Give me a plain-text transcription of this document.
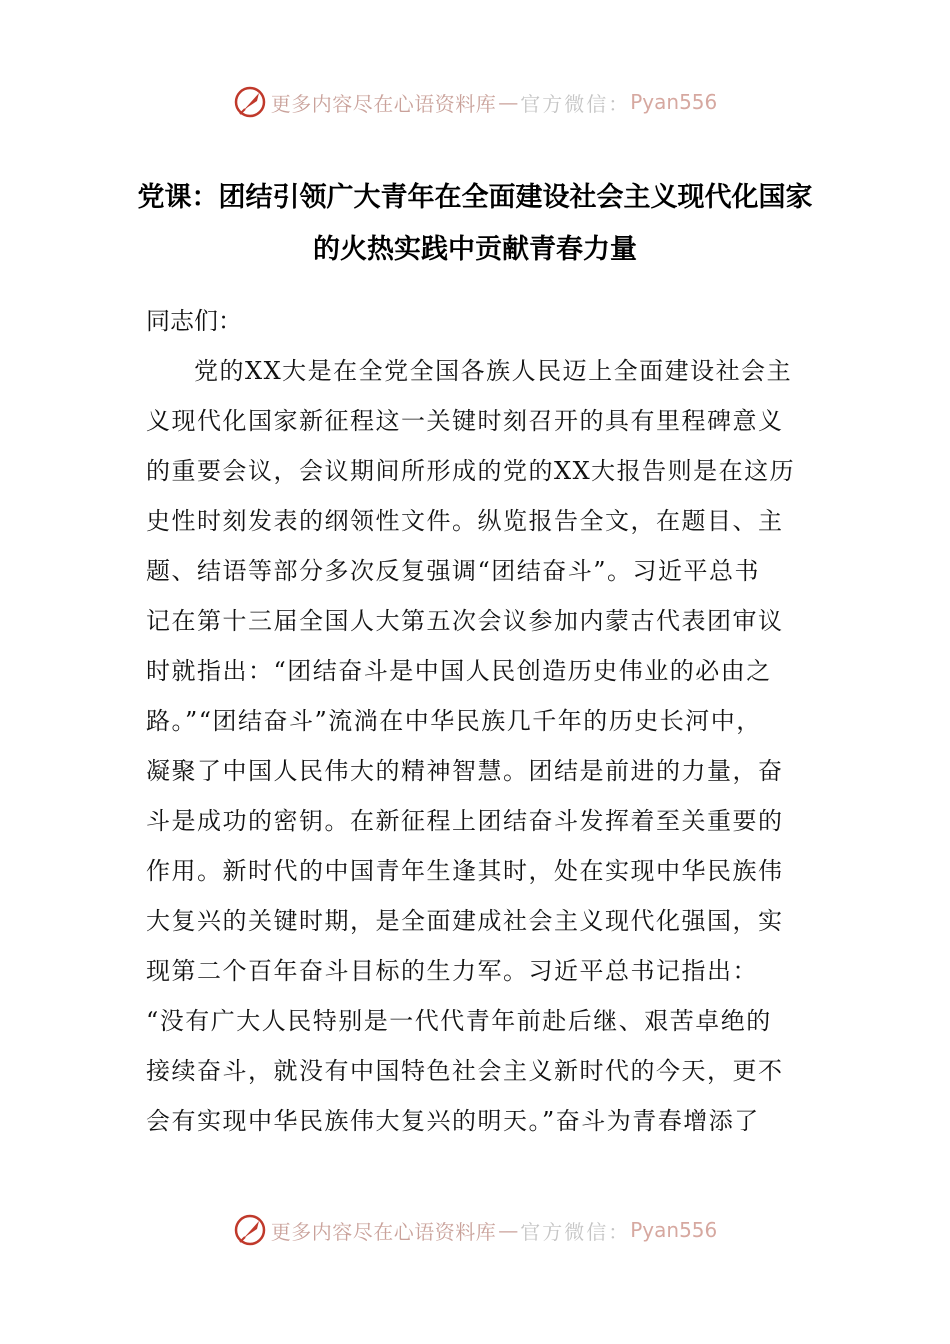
更多内容尽在心语资料库 — 官方微信： Pyan556
党课：团结引领广大青年在全面建设社会主义现代化国家
的火热实践中贡献青春力量

同志们：

党的XX大是在全党全国各族人民迈上全面建设社会主
义现代化国家新征程这一关键时刻召开的具有里程碑意义
的重要会议，会议期间所形成的党的XX大报告则是在这历
史性时刻发表的纲领性文件。纵览报告全文，在题目、主
题、结语等部分多次反复强调“团结奋斗”。习近平总书
记在第十三届全国人大第五次会议参加内蒙古代表团审议
时就指出：“团结奋斗是中国人民创造历史伟业的必由之
路。”“团结奋斗”流淌在中华民族几千年的历史长河中，
凝聚了中国人民伟大的精神智慧。团结是前进的力量，奋
斗是成功的密钥。在新征程上团结奋斗发挥着至关重要的
作用。新时代的中国青年生逢其时，处在实现中华民族伟
大复兴的关键时期，是全面建成社会主义现代化强国，实
现第二个百年奋斗目标的生力军。习近平总书记指出：
“没有广大人民特别是一代代青年前赴后继、艰苦卓绝的
接续奋斗，就没有中国特色社会主义新时代的今天，更不
会有实现中华民族伟大复兴的明天。”奋斗为青春增添了

更多内容尽在心语资料库 — 官方微信： Pyan556
